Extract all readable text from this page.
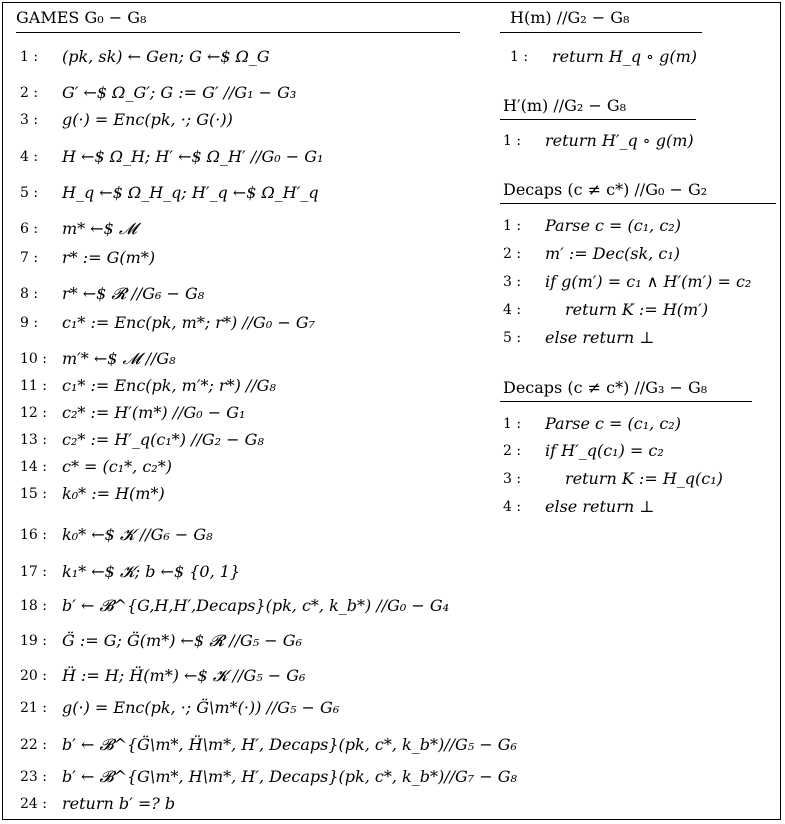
GAMES G₀ − G₈
1 : (pk, sk) ← Gen; G ←$ Ω_G
2 : G′ ←$ Ω_G′; G := G′ //G₁ − G₃
3 : g(·) = Enc(pk, ·; G(·))
4 : H ←$ Ω_H; H′ ←$ Ω_H′ //G₀ − G₁
5 : H_q ←$ Ω_H_q; H′_q ←$ Ω_H′_q
6 : m* ←$ 𝓜
7 : r* := G(m*)
8 : r* ←$ 𝓡 //G₆ − G₈
9 : c₁* := Enc(pk, m*; r*) //G₀ − G₇
10 : m′* ←$ 𝓜 //G₈
11 : c₁* := Enc(pk, m′*; r*) //G₈
12 : c₂* := H′(m*) //G₀ − G₁
13 : c₂* := H′_q(c₁*) //G₂ − G₈
14 : c* = (c₁*, c₂*)
15 : k₀* := H(m*)
16 : k₀* ←$ 𝓚 //G₆ − G₈
17 : k₁* ←$ 𝓚; b ←$ {0, 1}
18 : b′ ← 𝓑^{G,H,H′,Decaps}(pk, c*, k_b*) //G₀ − G₄
19 : G̈ := G; G̈(m*) ←$ 𝓡 //G₅ − G₆
20 : Ḧ := H; Ḧ(m*) ←$ 𝓚 //G₅ − G₆
21 : g(·) = Enc(pk, ·; G̈\m*(·)) //G₅ − G₆
22 : b′ ← 𝓑^{G̈\m*, Ḧ\m*, H′, Decaps}(pk, c*, k_b*)//G₅ − G₆
23 : b′ ← 𝓑^{G\m*, H\m*, H′, Decaps}(pk, c*, k_b*)//G₇ − G₈
24 : return b′ =? b
H(m) //G₂ − G₈
H′(m) //G₂ − G₈
Decaps (c ≠ c*) //G₀ − G₂
Decaps (c ≠ c*) //G₃ − G₈
1 : return H_q ∘ g(m)
1 : return H′_q ∘ g(m)
1 : Parse c = (c₁, c₂)
2 : m′ := Dec(sk, c₁)
3 : if g(m′) = c₁ ∧ H′(m′) = c₂
4 :	return K := H(m′)
5 : else return ⊥
1 : Parse c = (c₁, c₂)
2 : if H′_q(c₁) = c₂
3 :	return K := H_q(c₁)
4 : else return ⊥
